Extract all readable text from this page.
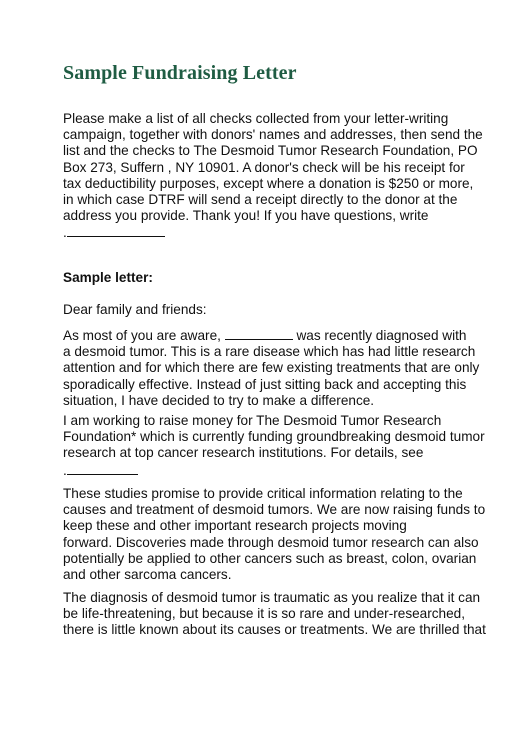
Sample Fundraising Letter
Please make a list of all checks collected from your letter-writing
campaign, together with donors' names and addresses, then send the
list and the checks to The Desmoid Tumor Research Foundation, PO
Box 273, Suffern , NY 10901. A donor's check will be his receipt for
tax deductibility purposes, except where a donation is $250 or more,
in which case DTRF will send a receipt directly to the donor at the
address you provide. Thank you! If you have questions, write
.
Sample letter:
Dear family and friends:
As most of you are aware,	was recently diagnosed with
a desmoid tumor. This is a rare disease which has had little research
attention and for which there are few existing treatments that are only
sporadically effective. Instead of just sitting back and accepting this
situation, I have decided to try to make a difference.
I am working to raise money for The Desmoid Tumor Research
Foundation* which is currently funding groundbreaking desmoid tumor
research at top cancer research institutions. For details, see
.
These studies promise to provide critical information relating to the
causes and treatment of desmoid tumors. We are now raising funds to
keep these and other important research projects moving
forward. Discoveries made through desmoid tumor research can also
potentially be applied to other cancers such as breast, colon, ovarian
and other sarcoma cancers.
The diagnosis of desmoid tumor is traumatic as you realize that it can
be life-threatening, but because it is so rare and under-researched,
there is little known about its causes or treatments. We are thrilled that
